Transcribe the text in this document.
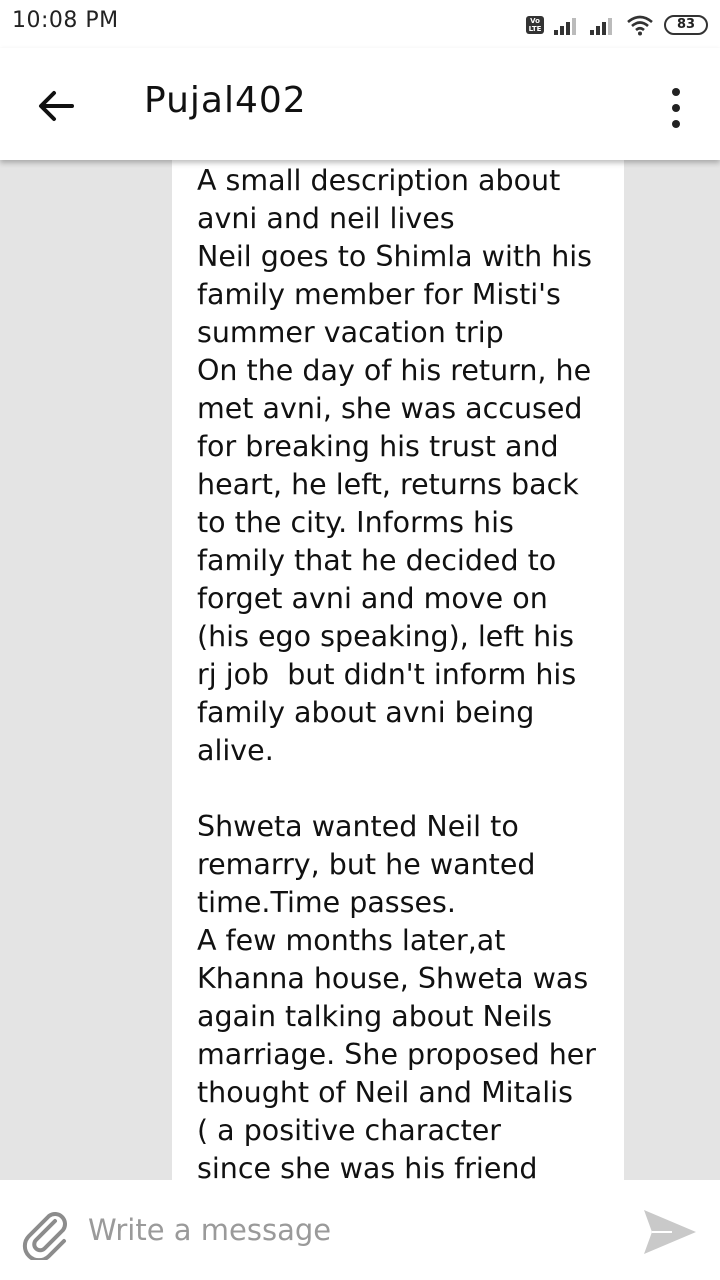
10:08 PM	Vo LTE	83
Pujal402
A small description about
avni and neil lives
Neil goes to Shimla with his
family member for Misti's
summer vacation trip
On the day of his return, he
met avni, she was accused
for breaking his trust and
heart, he left, returns back
to the city. Informs his
family that he decided to
forget avni and move on
(his ego speaking), left his
rj job  but didn't inform his
family about avni being
alive.

Shweta wanted Neil to
remarry, but he wanted
time.Time passes.
A few months later,at
Khanna house, Shweta was
again talking about Neils
marriage. She proposed her
thought of Neil and Mitalis
( a positive character
since she was his friend
Write a message
